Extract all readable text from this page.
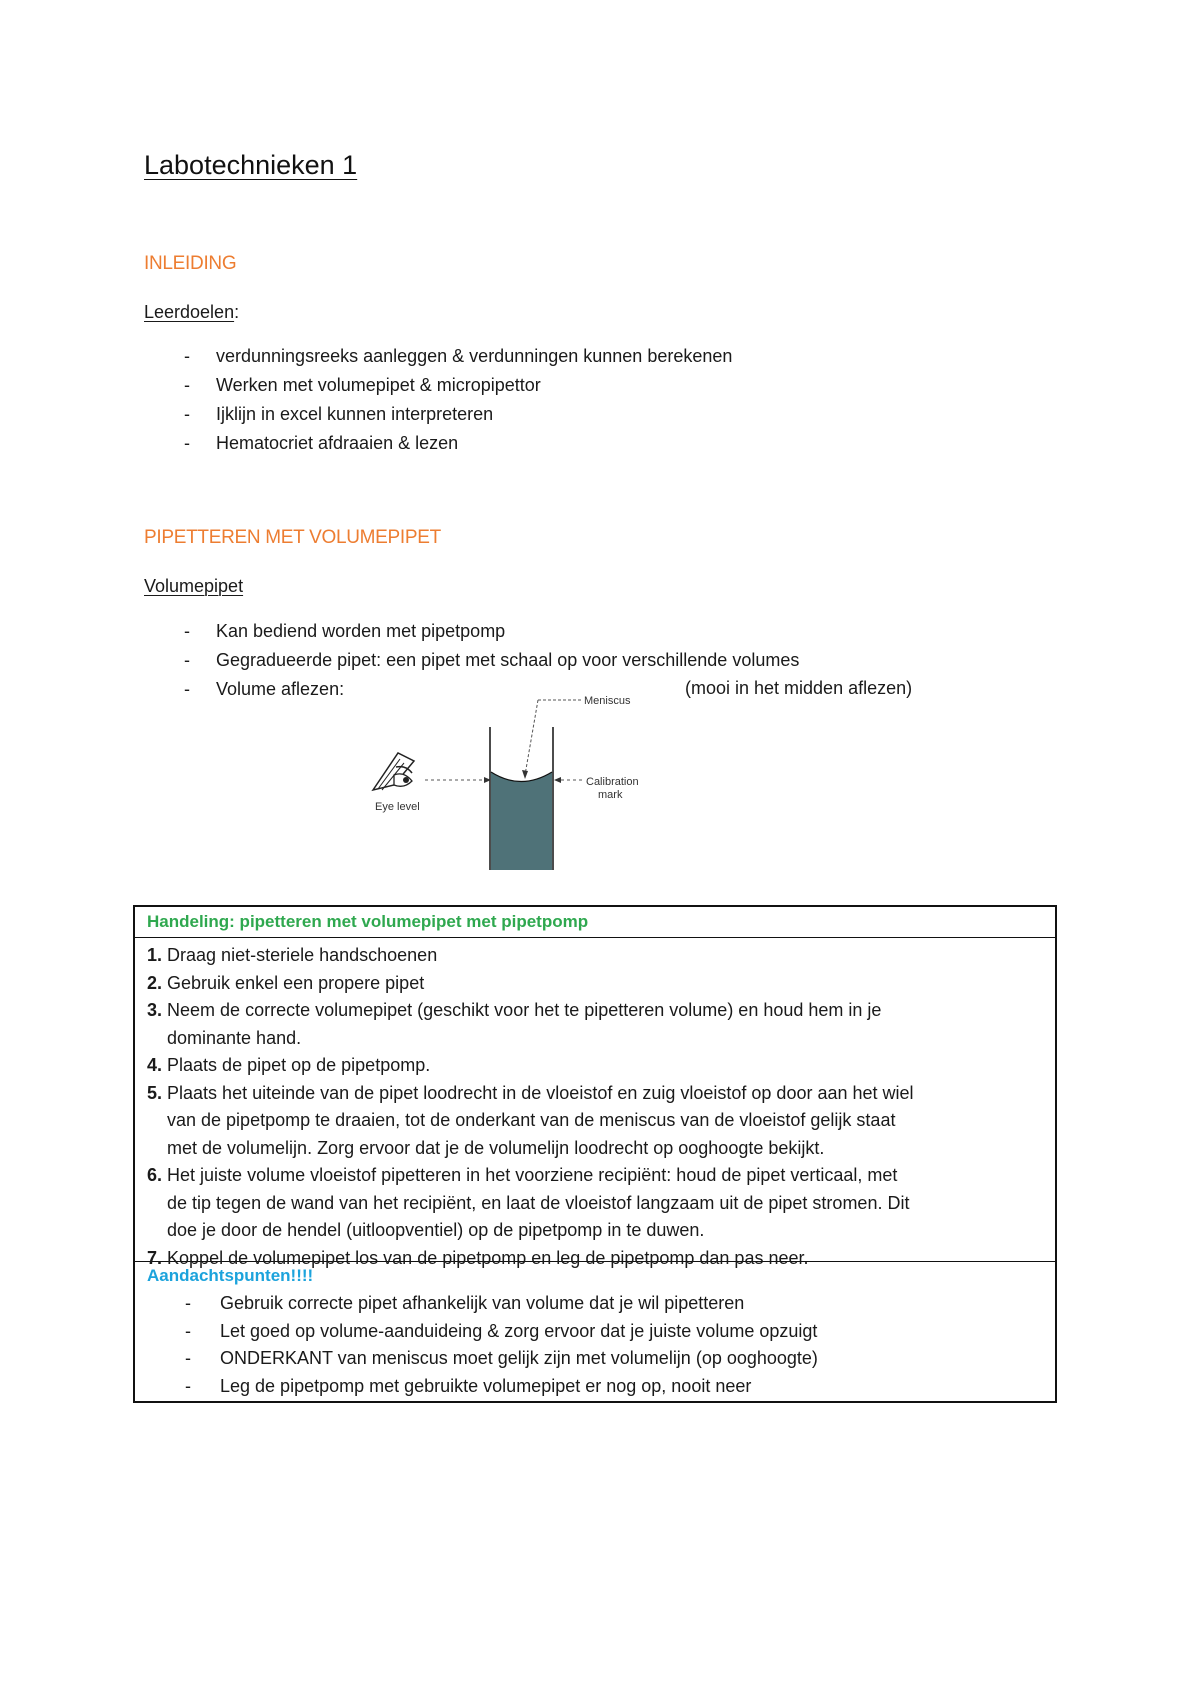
Labotechnieken 1
INLEIDING
Leerdoelen:
- verdunningsreeks aanleggen & verdunningen kunnen berekenen
- Werken met volumepipet & micropipettor
- Ijklijn in excel kunnen interpreteren
- Hematocriet afdraaien & lezen
PIPETTEREN MET VOLUMEPIPET
Volumepipet
- Kan bediend worden met pipetpomp
- Gegradueerde pipet: een pipet met schaal op voor verschillende volumes
- Volume aflezen:	(mooi in het midden aflezen)
Meniscus
Calibration
mark
Eye level
Handeling: pipetteren met volumepipet met pipetpomp
1. Draag niet-steriele handschoenen
2. Gebruik enkel een propere pipet
3. Neem de correcte volumepipet (geschikt voor het te pipetteren volume) en houd hem in je
dominante hand.
4. Plaats de pipet op de pipetpomp.
5. Plaats het uiteinde van de pipet loodrecht in de vloeistof en zuig vloeistof op door aan het wiel
van de pipetpomp te draaien, tot de onderkant van de meniscus van de vloeistof gelijk staat
met de volumelijn. Zorg ervoor dat je de volumelijn loodrecht op ooghoogte bekijkt.
6. Het juiste volume vloeistof pipetteren in het voorziene recipiënt: houd de pipet verticaal, met
de tip tegen de wand van het recipiënt, en laat de vloeistof langzaam uit de pipet stromen. Dit
doe je door de hendel (uitloopventiel) op de pipetpomp in te duwen.
7. Koppel de volumepipet los van de pipetpomp en leg de pipetpomp dan pas neer.
Aandachtspunten!!!!
- Gebruik correcte pipet afhankelijk van volume dat je wil pipetteren
- Let goed op volume-aanduideing & zorg ervoor dat je juiste volume opzuigt
- ONDERKANT van meniscus moet gelijk zijn met volumelijn (op ooghoogte)
- Leg de pipetpomp met gebruikte volumepipet er nog op, nooit neer
